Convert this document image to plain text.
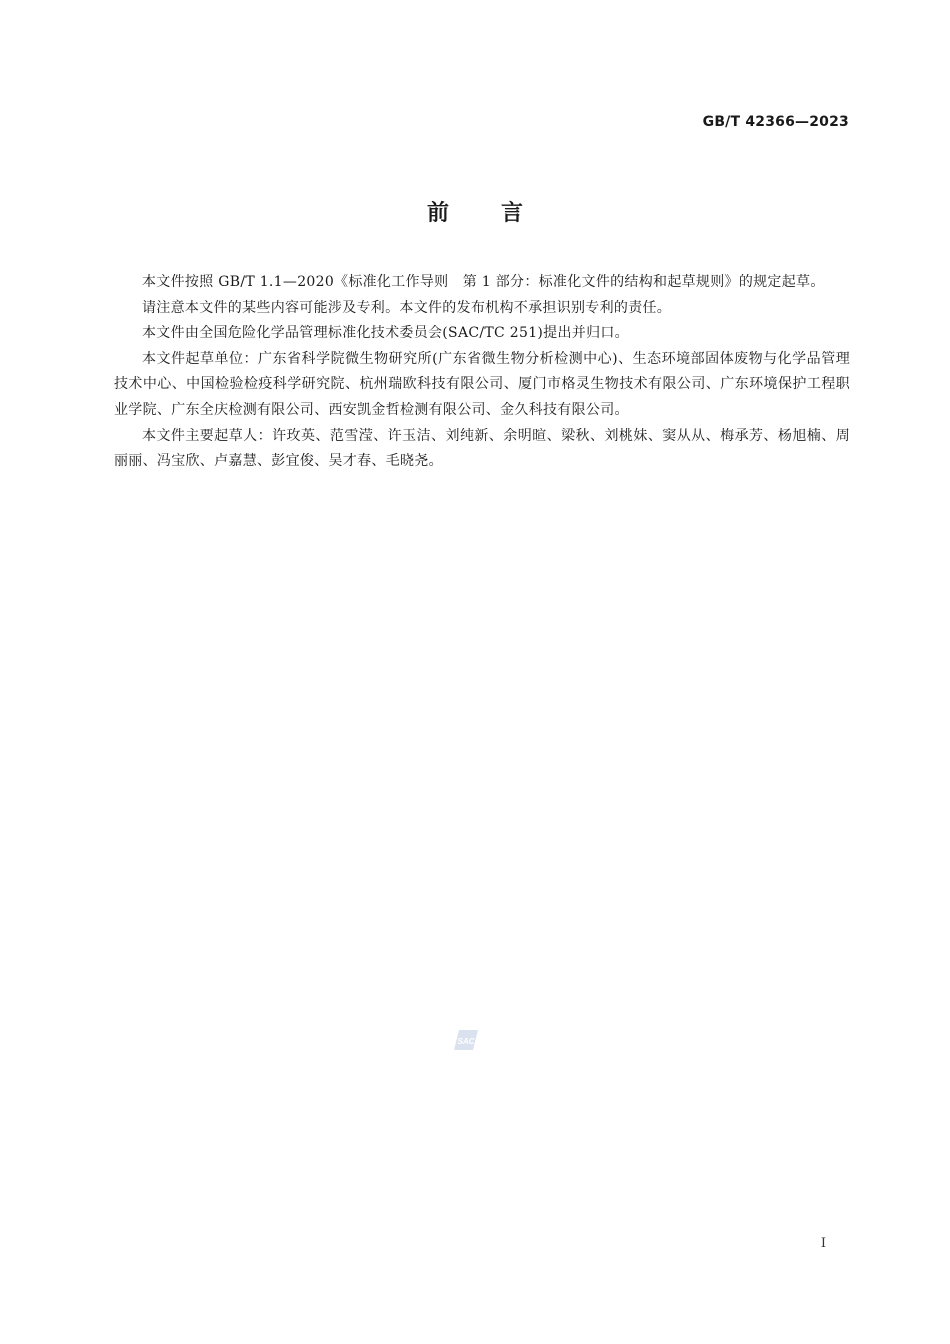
GB/T 42366—2023
前言

本文件按照 GB/T 1.1—2020《标准化工作导则　第 1 部分：标准化文件的结构和起草规则》的规定起草。

请注意本文件的某些内容可能涉及专利。本文件的发布机构不承担识别专利的责任。

本文件由全国危险化学品管理标准化技术委员会(SAC/TC 251)提出并归口。

本文件起草单位：广东省科学院微生物研究所(广东省微生物分析检测中心)、生态环境部固体废物与化学品管理技术中心、中国检验检疫科学研究院、杭州瑞欧科技有限公司、厦门市格灵生物技术有限公司、广东环境保护工程职业学院、广东全庆检测有限公司、西安凯金哲检测有限公司、金久科技有限公司。

本文件主要起草人：许玫英、范雪滢、许玉洁、刘纯新、余明暄、梁秋、刘桃妹、窦从从、梅承芳、杨旭楠、周丽丽、冯宝欣、卢嘉慧、彭宜俊、吴才春、毛晓尧。

SAC
I
